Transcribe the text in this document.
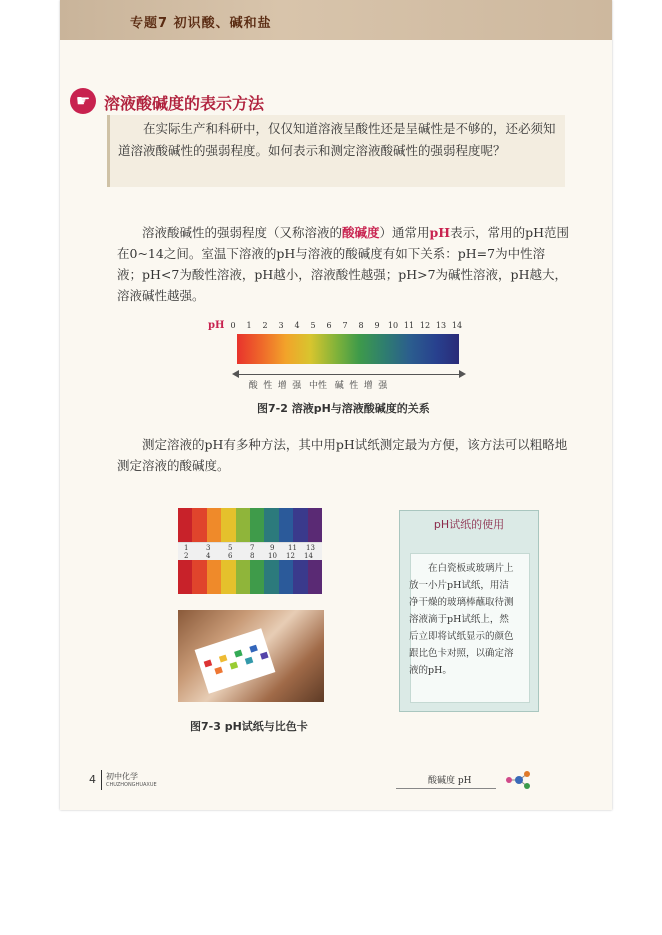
专题7 初识酸、碱和盐
☛ 溶液酸碱度的表示方法
在实际生产和科研中，仅仅知道溶液呈酸性还是呈碱性是不够的，还必须知道溶液酸碱性的强弱程度。如何表示和测定溶液酸碱性的强弱程度呢？
溶液酸碱性的强弱程度（又称溶液的酸碱度）通常用pH表示，常用的pH范围在0~14之间。室温下溶液的pH与溶液的酸碱度有如下关系：pH=7为中性溶液；pH<7为酸性溶液，pH越小，溶液酸性越强；pH>7为碱性溶液，pH越大，溶液碱性越强。
pH 0	1	2	3	4	5	6	7	8	9	10 11 12 13 14
酸 性 增 强 中性 碱 性 增 强
图7-2 溶液pH与溶液酸碱度的关系
测定溶液的pH有多种方法，其中用pH试纸测定最为方便，该方法可以粗略地测定溶液的酸碱度。
1	3	5	7 9 11 13
2	4	6	8 10 12 14
pH试纸的使用
在白瓷板或玻璃片上放一小片pH试纸，用洁净干燥的玻璃棒蘸取待测溶液滴于pH试纸上，然后立即将试纸显示的颜色跟比色卡对照，以确定溶液的pH。
图7-3 pH试纸与比色卡
4 初中化学
CHUZHONGHUAXUE	酸碱度 pH
